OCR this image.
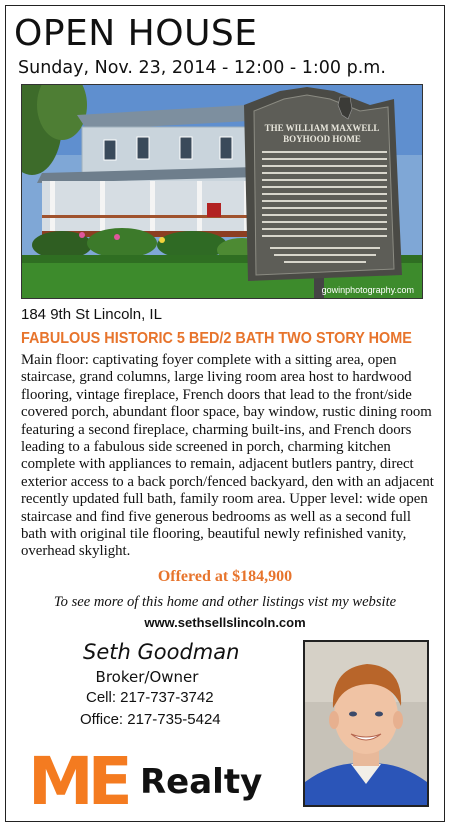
OPEN HOUSE
Sunday, Nov. 23, 2014 - 12:00 - 1:00 p.m.
THE WILLIAM MAXWELL
BOYHOOD HOME
gowinphotography.com
184 9th St Lincoln, IL
FABULOUS HISTORIC 5 BED/2 BATH TWO STORY HOME
Main floor: captivating foyer complete with a sitting area, open staircase, grand columns, large living room area host to hardwood flooring, vintage fireplace, French doors that lead to the front/side covered porch, abundant floor space, bay window, rustic dining room featuring a second fireplace, charming built-ins, and French doors leading to a fabulous side screened in porch, charming kitchen complete with appliances to remain, adjacent butlers pantry, direct exterior access to a back porch/fenced backyard, den with an adjacent recently updated full bath, family room area. Upper level: wide open staircase and find five generous bedrooms as well as a second full bath with original tile flooring, beautiful newly refinished vanity, overhead skylight.
Offered at $184,900
To see more of this home and other listings vist my website
www.sethsellslincoln.com
Seth Goodman
Broker/Owner
Cell: 217-737-3742
Office: 217-735-5424
ME Realty
